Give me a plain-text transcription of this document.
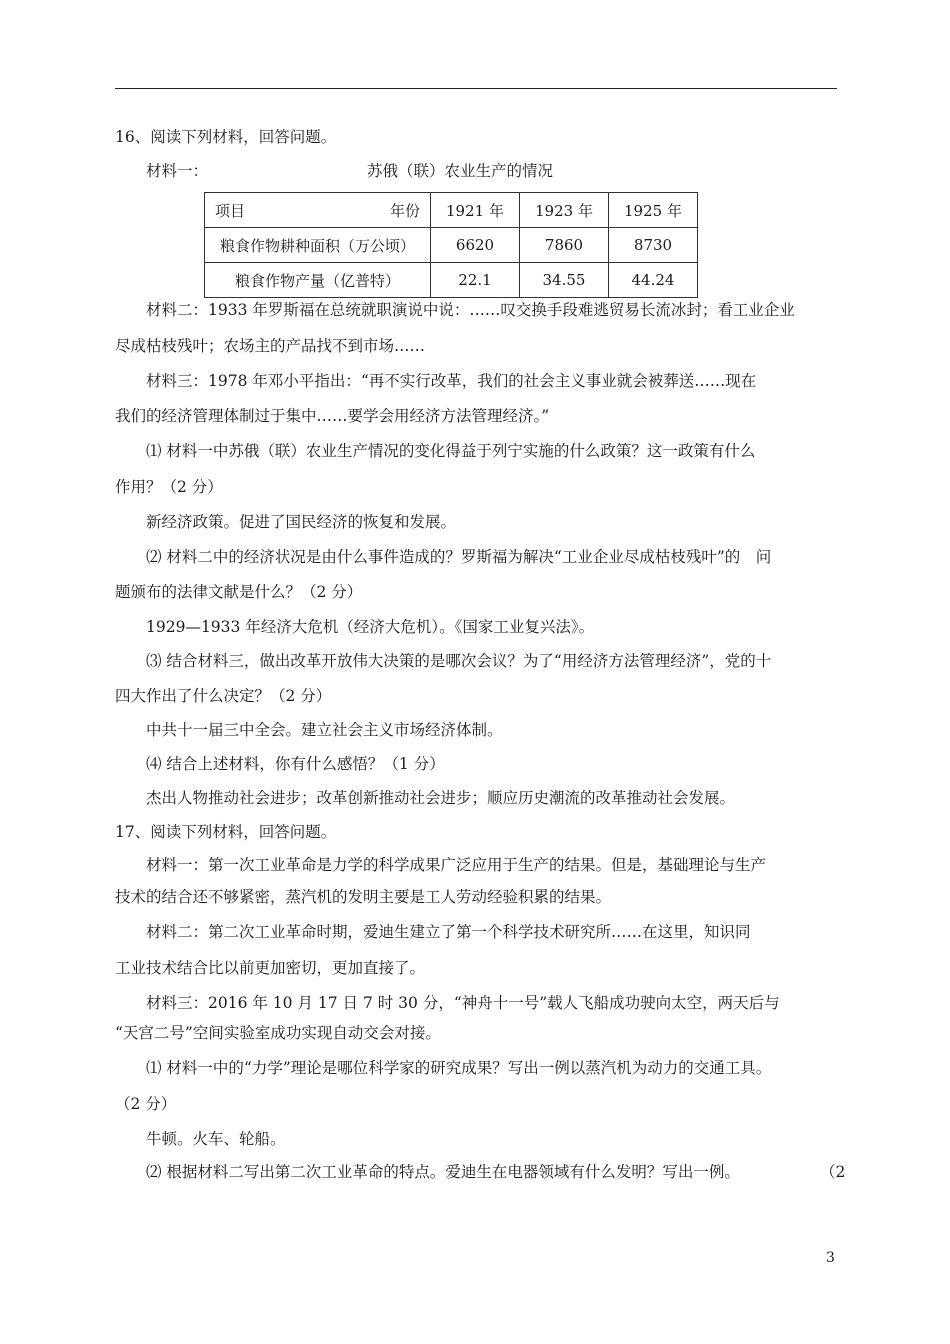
16、阅读下列材料，回答问题。
材料一：	苏俄（联）农业生产的情况
项目 年份	1921 年	1923 年	1925 年
粮食作物耕种面积（万公顷）	6620	7860	8730
粮食作物产量（亿普特）	22.1	34.55	44.24
材料二：1933 年罗斯福在总统就职演说中说：……叹交换手段难逃贸易长流冰封；看工业企业
尽成枯枝残叶；农场主的产品找不到市场……
材料三：1978 年邓小平指出：“再不实行改革，我们的社会主义事业就会被葬送……现在
我们的经济管理体制过于集中……要学会用经济方法管理经济。”
⑴ 材料一中苏俄（联）农业生产情况的变化得益于列宁实施的什么政策？这一政策有什么
作用？（2 分）
新经济政策。促进了国民经济的恢复和发展。
⑵ 材料二中的经济状况是由什么事件造成的？罗斯福为解决“工业企业尽成枯枝残叶”的　问
题颁布的法律文献是什么？（2 分）
1929—1933 年经济大危机（经济大危机）。《国家工业复兴法》。
⑶ 结合材料三，做出改革开放伟大决策的是哪次会议？为了“用经济方法管理经济”，党的十
四大作出了什么决定？（2 分）
中共十一届三中全会。建立社会主义市场经济体制。
⑷ 结合上述材料，你有什么感悟？（1 分）
杰出人物推动社会进步；改革创新推动社会进步；顺应历史潮流的改革推动社会发展。
17、阅读下列材料，回答问题。
材料一：第一次工业革命是力学的科学成果广泛应用于生产的结果。但是，基础理论与生产
技术的结合还不够紧密，蒸汽机的发明主要是工人劳动经验积累的结果。
材料二：第二次工业革命时期，爱迪生建立了第一个科学技术研究所……在这里，知识同
工业技术结合比以前更加密切，更加直接了。
材料三：2016 年 10 月 17 日 7 时 30 分，“神舟十一号”载人飞船成功驶向太空，两天后与
“天宫二号”空间实验室成功实现自动交会对接。
⑴ 材料一中的“力学”理论是哪位科学家的研究成果？写出一例以蒸汽机为动力的交通工具。
（2 分）
牛顿。火车、轮船。
⑵ 根据材料二写出第二次工业革命的特点。爱迪生在电器领域有什么发明？写出一例。	（2
3
